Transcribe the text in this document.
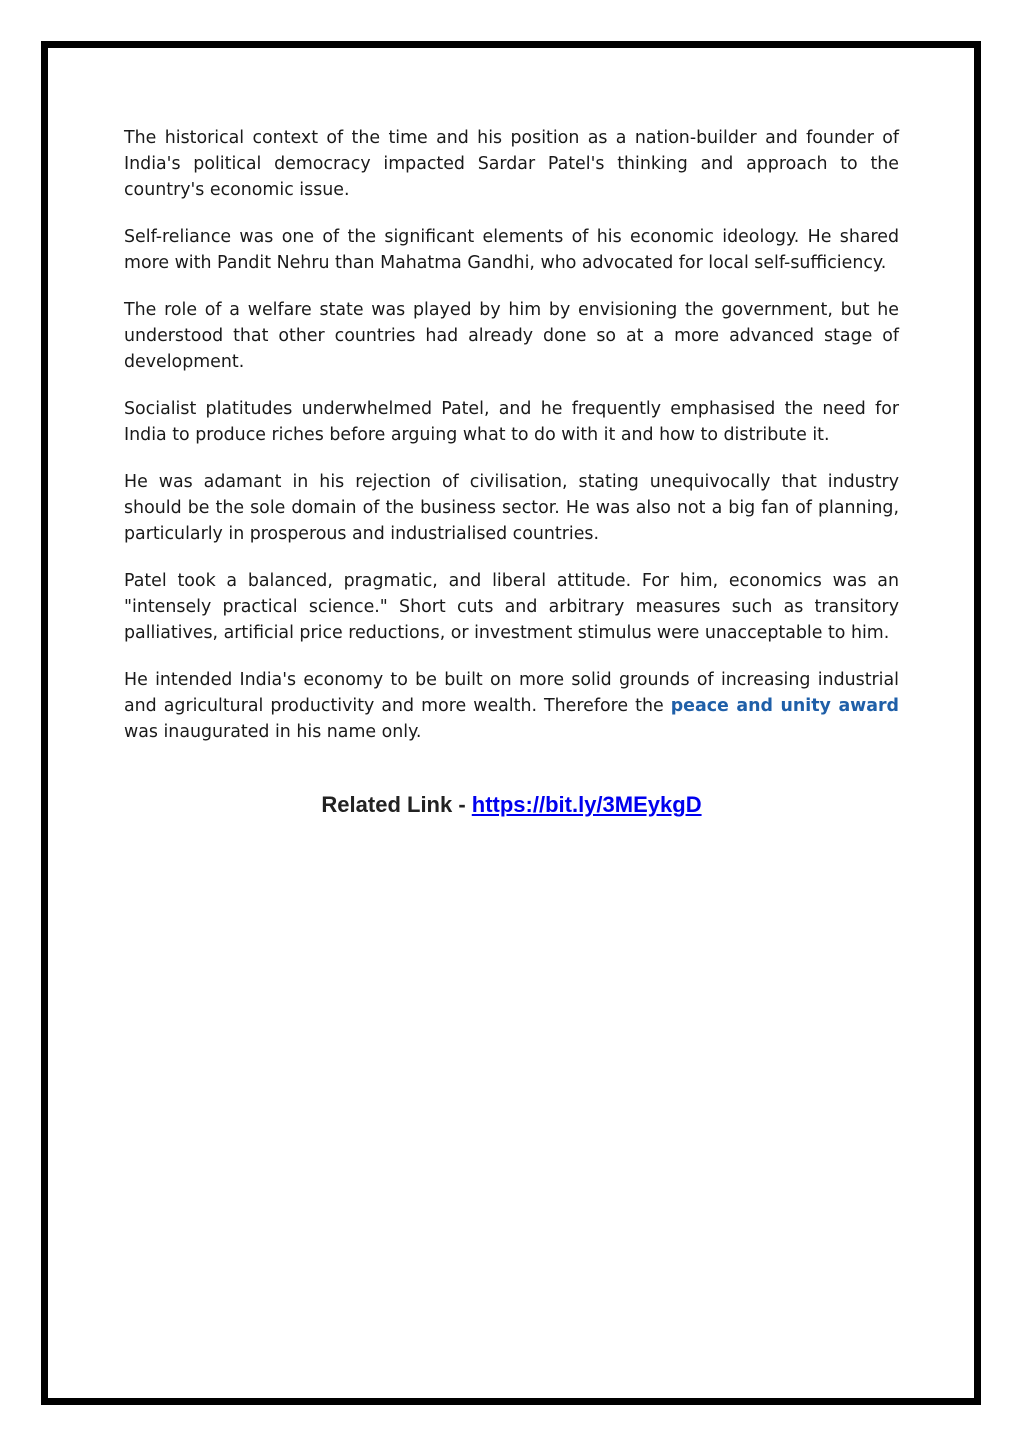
The historical context of the time and his position as a nation-builder and founder of India's political democracy impacted Sardar Patel's thinking and approach to the country's economic issue.

Self-reliance was one of the significant elements of his economic ideology. He shared more with Pandit Nehru than Mahatma Gandhi, who advocated for local self-sufficiency.

The role of a welfare state was played by him by envisioning the government, but he understood that other countries had already done so at a more advanced stage of development.

Socialist platitudes underwhelmed Patel, and he frequently emphasised the need for India to produce riches before arguing what to do with it and how to distribute it.

He was adamant in his rejection of civilisation, stating unequivocally that industry should be the sole domain of the business sector. He was also not a big fan of planning, particularly in prosperous and industrialised countries.

Patel took a balanced, pragmatic, and liberal attitude. For him, economics was an "intensely practical science." Short cuts and arbitrary measures such as transitory palliatives, artificial price reductions, or investment stimulus were unacceptable to him.

He intended India's economy to be built on more solid grounds of increasing industrial and agricultural productivity and more wealth. Therefore the peace and unity award was inaugurated in his name only.

Related Link - https://bit.ly/3MEykgD
